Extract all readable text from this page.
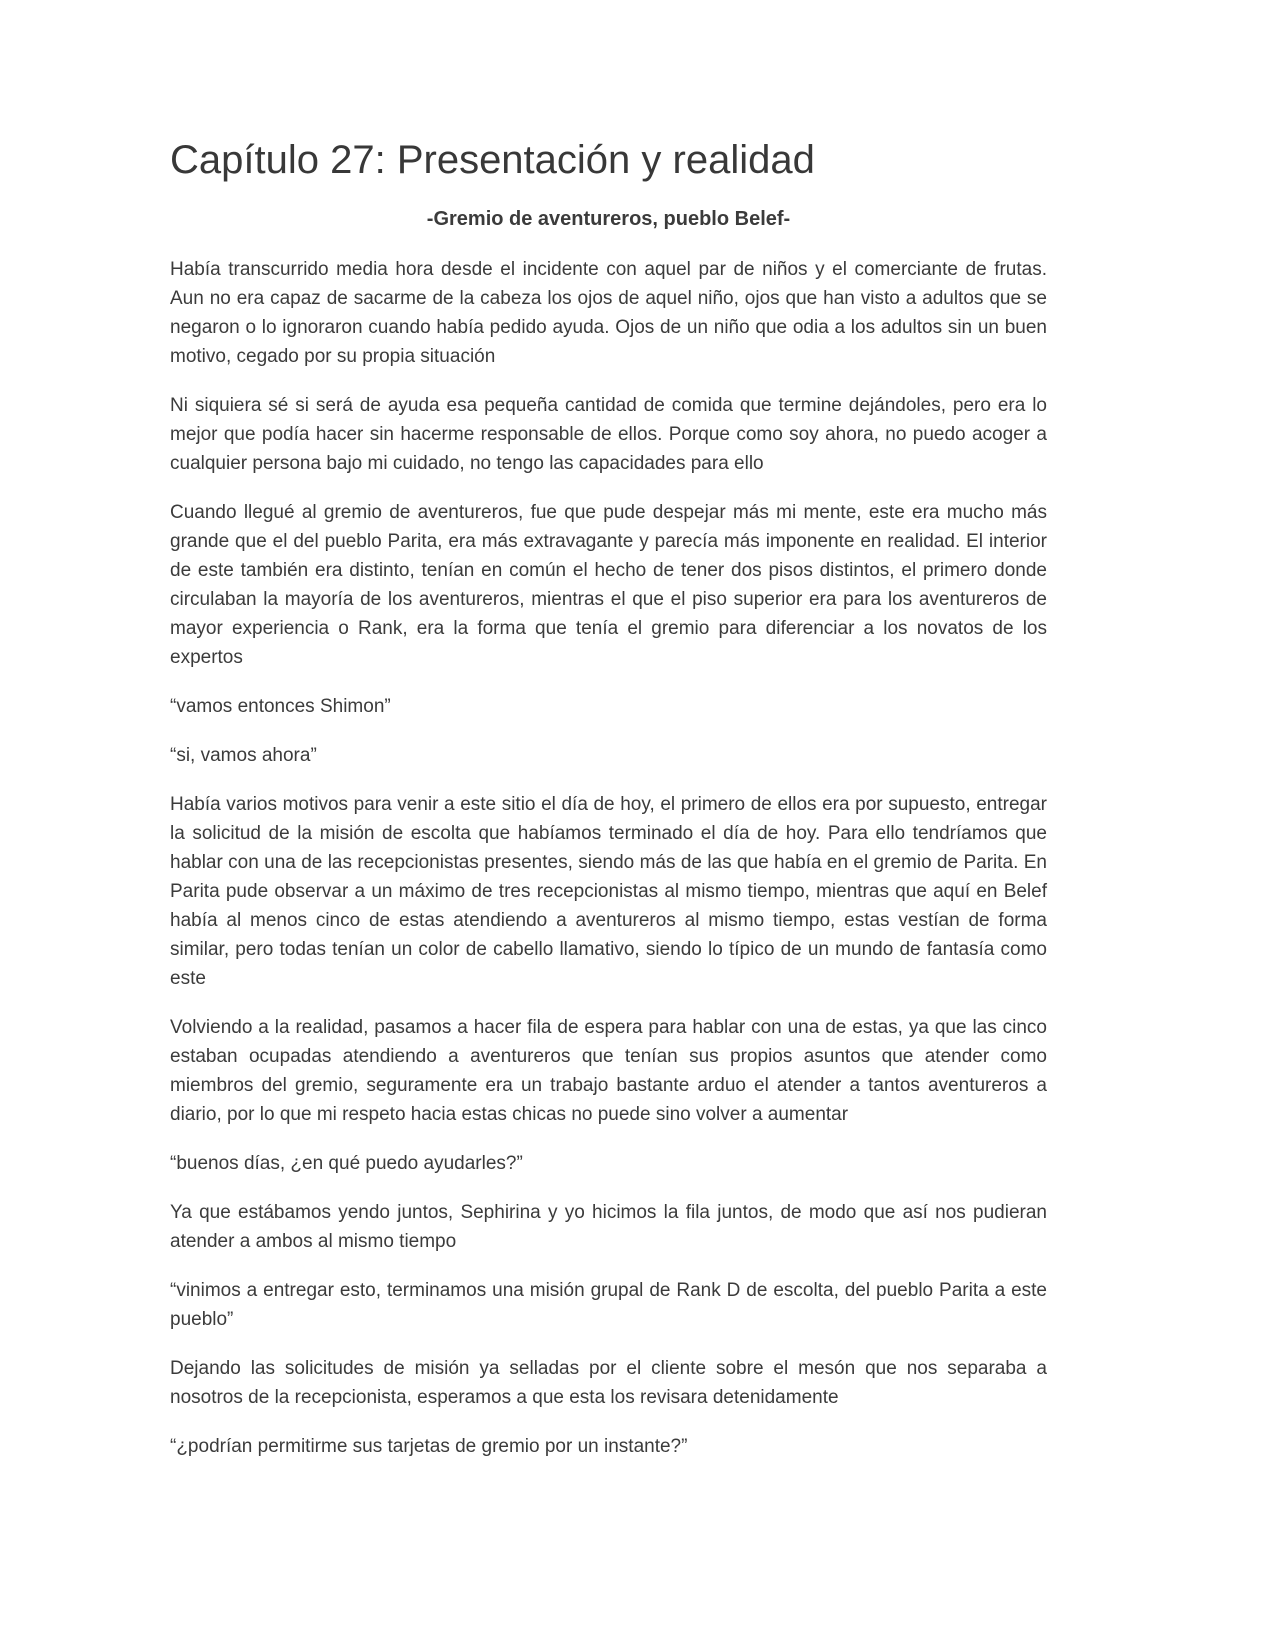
Capítulo 27: Presentación y realidad

-Gremio de aventureros, pueblo Belef-

Había transcurrido media hora desde el incidente con aquel par de niños y el comerciante de frutas. Aun no era capaz de sacarme de la cabeza los ojos de aquel niño, ojos que han visto a adultos que se negaron o lo ignoraron cuando había pedido ayuda. Ojos de un niño que odia a los adultos sin un buen motivo, cegado por su propia situación

Ni siquiera sé si será de ayuda esa pequeña cantidad de comida que termine dejándoles, pero era lo mejor que podía hacer sin hacerme responsable de ellos. Porque como soy ahora, no puedo acoger a cualquier persona bajo mi cuidado, no tengo las capacidades para ello

Cuando llegué al gremio de aventureros, fue que pude despejar más mi mente, este era mucho más grande que el del pueblo Parita, era más extravagante y parecía más imponente en realidad. El interior de este también era distinto, tenían en común el hecho de tener dos pisos distintos, el primero donde circulaban la mayoría de los aventureros, mientras el que el piso superior era para los aventureros de mayor experiencia o Rank, era la forma que tenía el gremio para diferenciar a los novatos de los expertos

“vamos entonces Shimon”

“si, vamos ahora”

Había varios motivos para venir a este sitio el día de hoy, el primero de ellos era por supuesto, entregar la solicitud de la misión de escolta que habíamos terminado el día de hoy. Para ello tendríamos que hablar con una de las recepcionistas presentes, siendo más de las que había en el gremio de Parita. En Parita pude observar a un máximo de tres recepcionistas al mismo tiempo, mientras que aquí en Belef había al menos cinco de estas atendiendo a aventureros al mismo tiempo, estas vestían de forma similar, pero todas tenían un color de cabello llamativo, siendo lo típico de un mundo de fantasía como este

Volviendo a la realidad, pasamos a hacer fila de espera para hablar con una de estas, ya que las cinco estaban ocupadas atendiendo a aventureros que tenían sus propios asuntos que atender como miembros del gremio, seguramente era un trabajo bastante arduo el atender a tantos aventureros a diario, por lo que mi respeto hacia estas chicas no puede sino volver a aumentar

“buenos días, ¿en qué puedo ayudarles?”

Ya que estábamos yendo juntos, Sephirina y yo hicimos la fila juntos, de modo que así nos pudieran atender a ambos al mismo tiempo

“vinimos a entregar esto, terminamos una misión grupal de Rank D de escolta, del pueblo Parita a este pueblo”

Dejando las solicitudes de misión ya selladas por el cliente sobre el mesón que nos separaba a nosotros de la recepcionista, esperamos a que esta los revisara detenidamente

“¿podrían permitirme sus tarjetas de gremio por un instante?”
